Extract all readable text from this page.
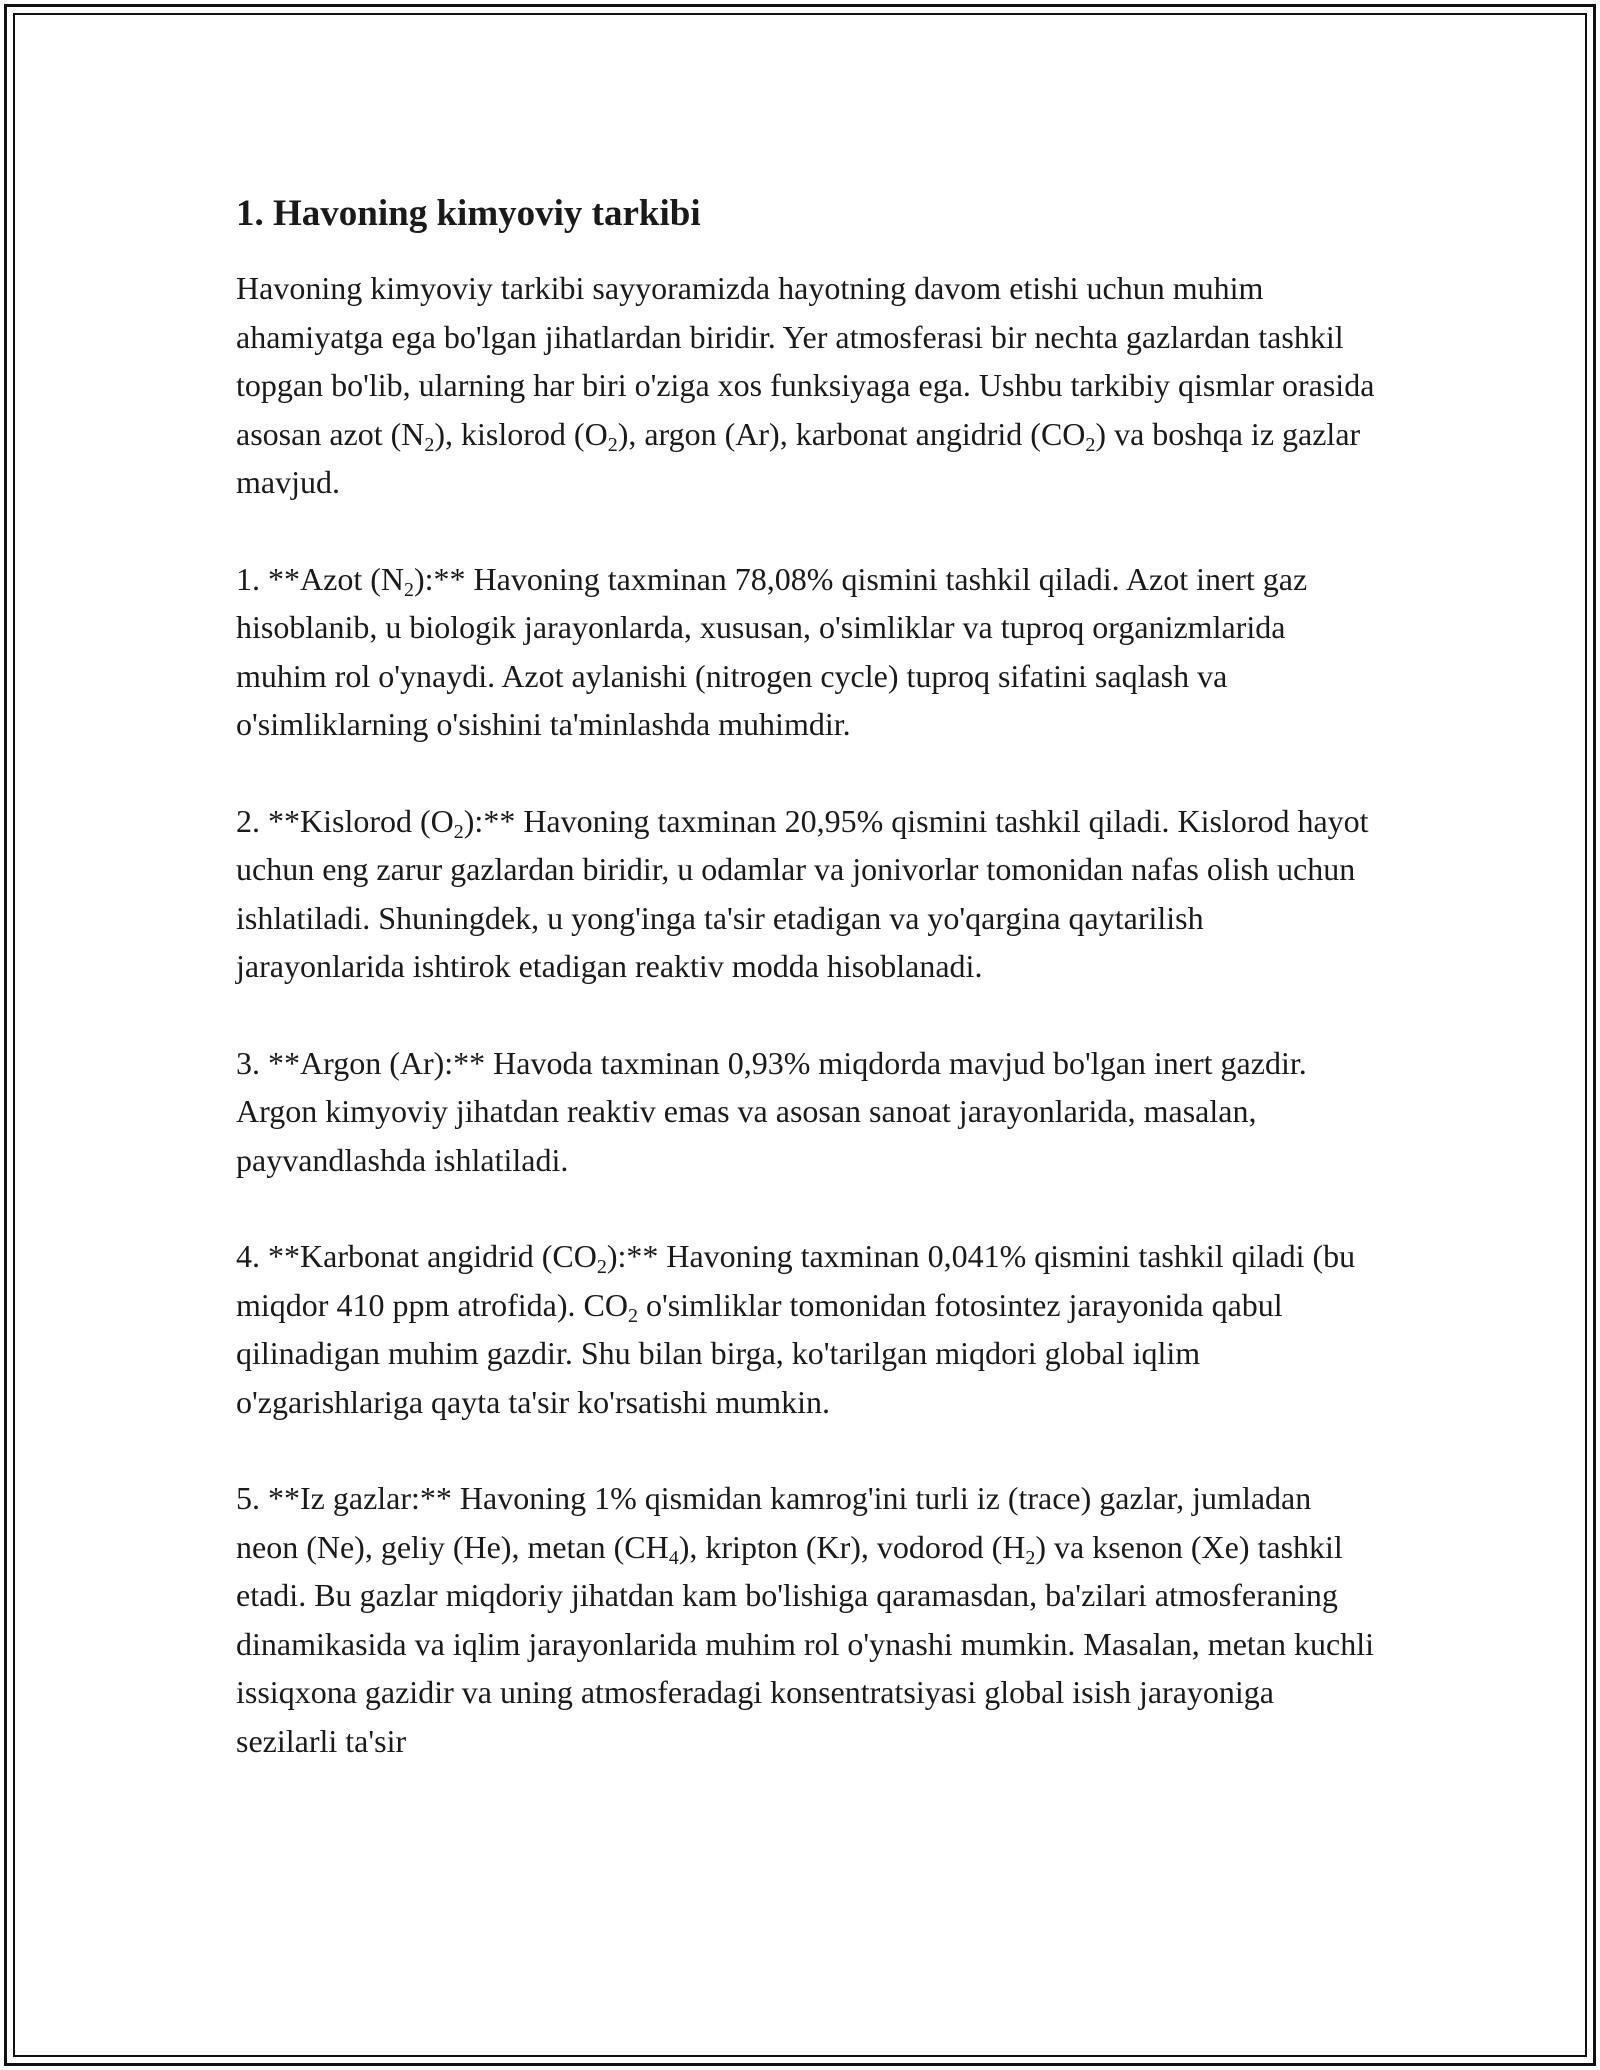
1. Havoning kimyoviy tarkibi

Havoning kimyoviy tarkibi sayyoramizda hayotning davom etishi uchun muhim ahamiyatga ega bo'lgan jihatlardan biridir. Yer atmosferasi bir nechta gazlardan tashkil topgan bo'lib, ularning har biri o'ziga xos funksiyaga ega. Ushbu tarkibiy qismlar orasida asosan azot $(N_2)$, kislorod $(O_2)$, argon (Ar), karbonat angidrid $(CO_2)$ va boshqa iz gazlar mavjud.

1. **Azot $(N_2):**$ Havoning taxminan 78,08% qismini tashkil qiladi. Azot inert gaz hisoblanib, u biologik jarayonlarda, xususan, o'simliklar va tuproq organizmlarida muhim rol o'ynaydi. Azot aylanishi (nitrogen cycle) tuproq sifatini saqlash va o'simliklarning o'sishini ta'minlashda muhimdir.

2. **Kislorod $(O_2):**$ Havoning taxminan 20,95% qismini tashkil qiladi. Kislorod hayot uchun eng zarur gazlardan biridir, u odamlar va jonivorlar tomonidan nafas olish uchun ishlatiladi. Shuningdek, u yong'inga ta'sir etadigan va yo'qargina qaytarilish jarayonlarida ishtirok etadigan reaktiv modda hisoblanadi.

3. **Argon (Ar):** Havoda taxminan 0,93% miqdorda mavjud bo'lgan inert gazdir. Argon kimyoviy jihatdan reaktiv emas va asosan sanoat jarayonlarida, masalan, payvandlashda ishlatiladi.

4. **Karbonat angidrid $(CO_2):**$ Havoning taxminan 0,041% qismini tashkil qiladi (bu miqdor 410 ppm atrofida). $CO_2$ o'simliklar tomonidan fotosintez jarayonida qabul qilinadigan muhim gazdir. Shu bilan birga, ko'tarilgan miqdori global iqlim o'zgarishlariga qayta ta'sir ko'rsatishi mumkin.

5. **Iz gazlar:** Havoning 1% qismidan kamrog'ini turli iz (trace) gazlar, jumladan neon (Ne), geliy (He), metan $(CH_4)$, kripton (Kr), vodorod $(H_2)$ va ksenon (Xe) tashkil etadi. Bu gazlar miqdoriy jihatdan kam bo'lishiga qaramasdan, ba'zilari atmosferaning dinamikasida va iqlim jarayonlarida muhim rol o'ynashi mumkin. Masalan, metan kuchli issiqxona gazidir va uning atmosferadagi konsentratsiyasi global isish jarayoniga sezilarli ta'sir
